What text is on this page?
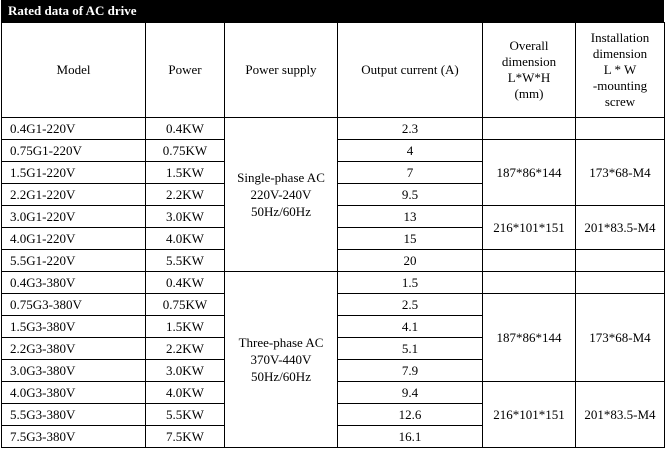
Rated data of AC drive
Model	Power	Power supply	Output current (A)	Overall
dimension
L*W*H
(mm)	Installation
dimension
L * W
-mounting
screw
0.4G1-220V	0.4KW	Single-phase AC
220V-240V
50Hz/60Hz	2.3		
0.75G1-220V	0.75KW		4	187*86*144	173*68-M4
1.5G1-220V	1.5KW		7		
2.2G1-220V	2.2KW		9.5		
3.0G1-220V	3.0KW		13	216*101*151	201*83.5-M4
4.0G1-220V	4.0KW		15		
5.5G1-220V	5.5KW		20		
0.4G3-380V	0.4KW	Three-phase AC
370V-440V
50Hz/60Hz	1.5		
0.75G3-380V	0.75KW		2.5	187*86*144	173*68-M4
1.5G3-380V	1.5KW		4.1		
2.2G3-380V	2.2KW		5.1		
3.0G3-380V	3.0KW		7.9		
4.0G3-380V	4.0KW		9.4	216*101*151	201*83.5-M4
5.5G3-380V	5.5KW		12.6		
7.5G3-380V	7.5KW		16.1		
